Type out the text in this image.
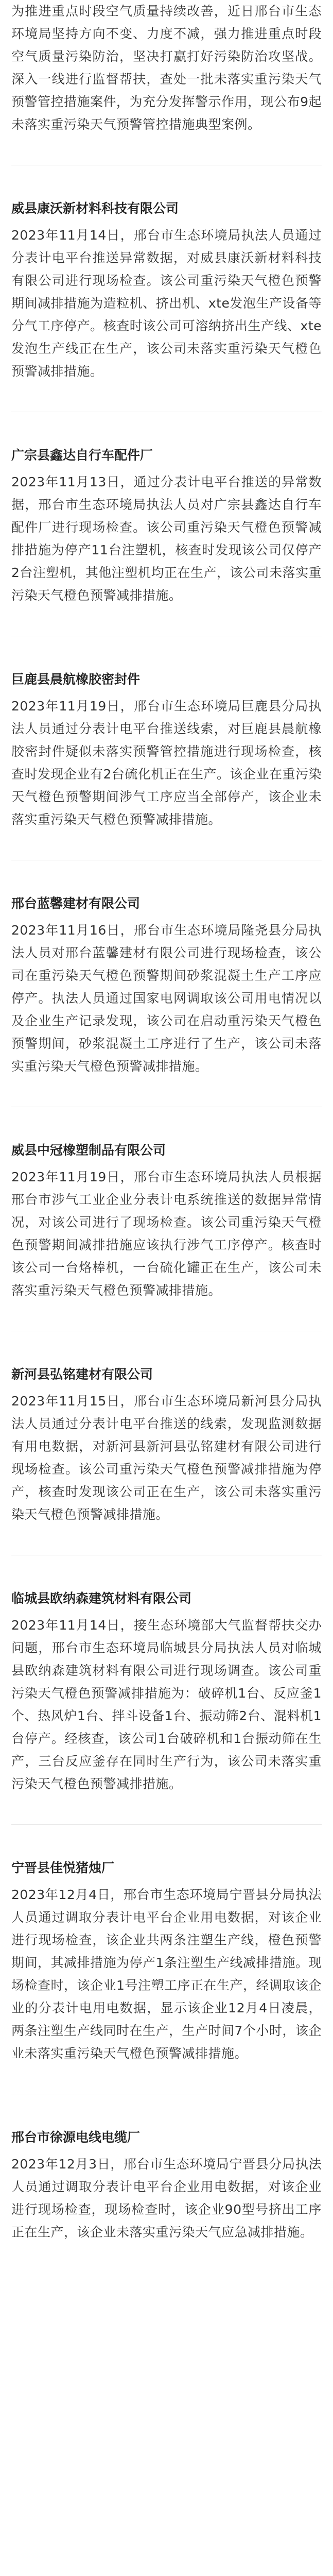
为推进重点时段空气质量持续改善，近日邢台市生态环境局坚持方向不变、力度不减，强力推进重点时段空气质量污染防治，坚决打赢打好污染防治攻坚战。深入一线进行监督帮扶，查处一批未落实重污染天气预警管控措施案件，为充分发挥警示作用，现公布9起未落实重污染天气预警管控措施典型案例。

威县康沃新材料科技有限公司

2023年11月14日，邢台市生态环境局执法人员通过分表计电平台推送异常数据，对威县康沃新材料科技有限公司进行现场检查。该公司重污染天气橙色预警期间减排措施为造粒机、挤出机、xte发泡生产设备等分气工序停产。核查时该公司可溶纳挤出生产线、xte发泡生产线正在生产，该公司未落实重污染天气橙色预警减排措施。

广宗县鑫达自行车配件厂

2023年11月13日，通过分表计电平台推送的异常数据，邢台市生态环境局执法人员对广宗县鑫达自行车配件厂进行现场检查。该公司重污染天气橙色预警减排措施为停产11台注塑机，核查时发现该公司仅停产2台注塑机，其他注塑机均正在生产，该公司未落实重污染天气橙色预警减排措施。

巨鹿县晨航橡胶密封件

2023年11月19日，邢台市生态环境局巨鹿县分局执法人员通过分表计电平台推送线索，对巨鹿县晨航橡胶密封件疑似未落实预警管控措施进行现场检查，核查时发现企业有2台硫化机正在生产。该企业在重污染天气橙色预警期间涉气工序应当全部停产，该企业未落实重污染天气橙色预警减排措施。

邢台蓝馨建材有限公司

2023年11月16日，邢台市生态环境局隆尧县分局执法人员对邢台蓝馨建材有限公司进行现场检查，该公司在重污染天气橙色预警期间砂浆混凝土生产工序应停产。执法人员通过国家电网调取该公司用电情况以及企业生产记录发现，该公司在启动重污染天气橙色预警期间，砂浆混凝土工序进行了生产，该公司未落实重污染天气橙色预警减排措施。

威县中冠橡塑制品有限公司

2023年11月19日，邢台市生态环境局执法人员根据邢台市涉气工业企业分表计电系统推送的数据异常情况，对该公司进行了现场检查。该公司重污染天气橙色预警期间减排措施应该执行涉气工序停产。核查时该公司一台烙棒机，一台硫化罐正在生产，该公司未落实重污染天气橙色预警减排措施。

新河县弘铭建材有限公司

2023年11月15日，邢台市生态环境局新河县分局执法人员通过分表计电平台推送的线索，发现监测数据有用电数据，对新河县新河县弘铭建材有限公司进行现场检查。该公司重污染天气橙色预警减排措施为停产，核查时发现该公司正在生产，该公司未落实重污染天气橙色预警减排措施。

临城县欧纳森建筑材料有限公司

2023年11月14日，接生态环境部大气监督帮扶交办问题，邢台市生态环境局临城县分局执法人员对临城县欧纳森建筑材料有限公司进行现场调查。该公司重污染天气橙色预警减排措施为：破碎机1台、反应釜1个、热风炉1台、拌斗设备1台、振动筛2台、混料机1台停产。经核查，该公司1台破碎机和1台振动筛在生产，三台反应釜存在同时生产行为，该公司未落实重污染天气橙色预警减排措施。

宁晋县佳悦猪烛厂

2023年12月4日，邢台市生态环境局宁晋县分局执法人员通过调取分表计电平台企业用电数据，对该企业进行现场检查，该企业共两条注塑生产线，橙色预警期间，其减排措施为停产1条注塑生产线减排措施。现场检查时，该企业1号注塑工序正在生产，经调取该企业的分表计电用电数据，显示该企业12月4日凌晨，两条注塑生产线同时在生产，生产时间7个小时，该企业未落实重污染天气橙色预警减排措施。

邢台市徐源电线电缆厂

2023年12月3日，邢台市生态环境局宁晋县分局执法人员通过调取分表计电平台企业用电数据，对该企业进行现场检查，现场检查时，该企业90型号挤出工序正在生产，该企业未落实重污染天气应急减排措施。
